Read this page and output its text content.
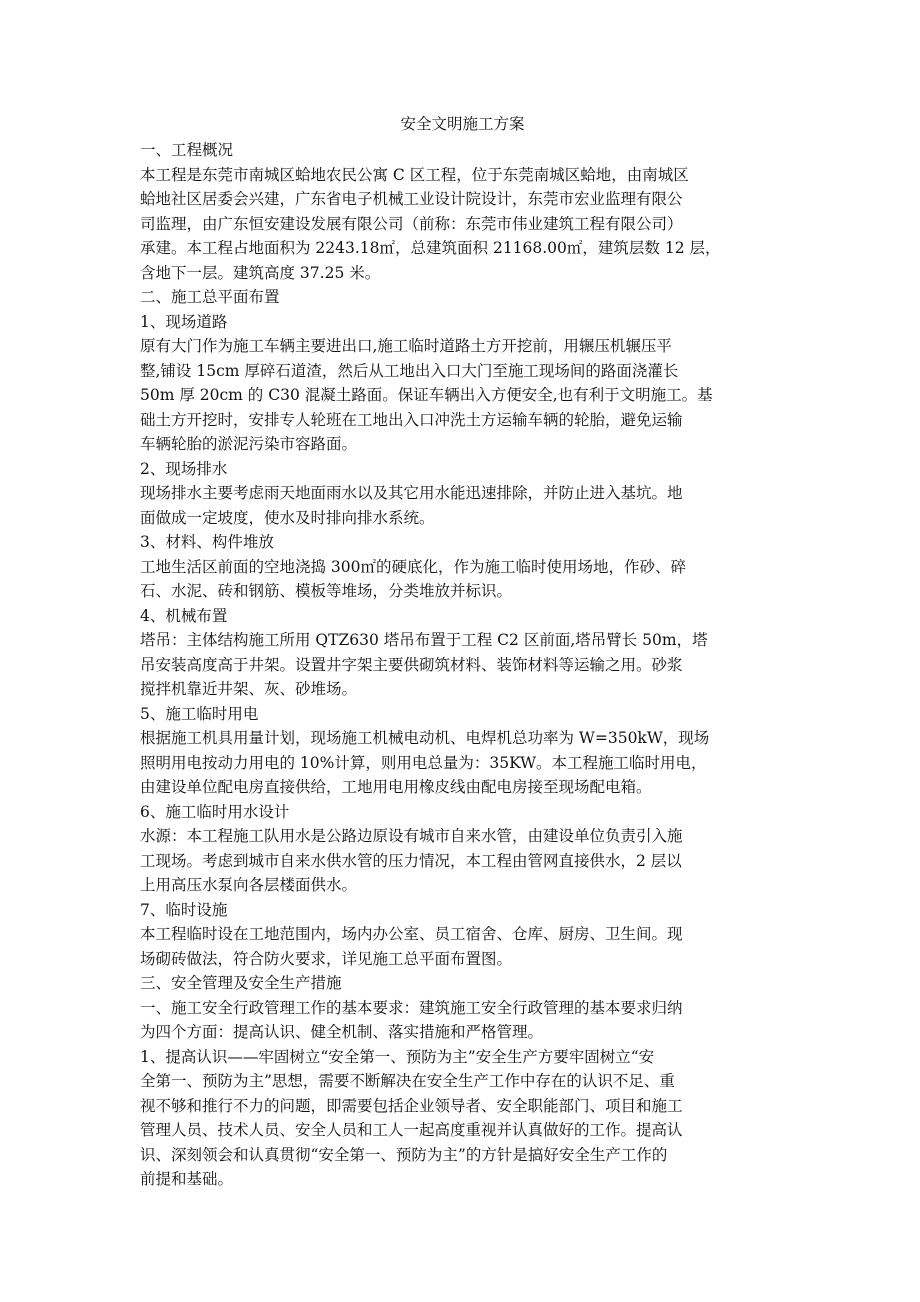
安全文明施工方案
一、工程概况
本工程是东莞市南城区蛤地农民公寓 C 区工程，位于东莞南城区蛤地，由南城区
蛤地社区居委会兴建，广东省电子机械工业设计院设计，东莞市宏业监理有限公
司监理，由广东恒安建设发展有限公司（前称：东莞市伟业建筑工程有限公司）
承建。本工程占地面积为 2243.18㎡，总建筑面积 21168.00㎡，建筑层数 12 层，
含地下一层。建筑高度 37.25 米。
二、施工总平面布置
1、现场道路
原有大门作为施工车辆主要进出口,施工临时道路土方开挖前，用辗压机辗压平
整,铺设 15cm 厚碎石道渣，然后从工地出入口大门至施工现场间的路面浇灌长
50m 厚 20cm 的 C30 混凝土路面。保证车辆出入方便安全,也有利于文明施工。基
础土方开挖时，安排专人轮班在工地出入口冲洗土方运输车辆的轮胎，避免运输
车辆轮胎的淤泥污染市容路面。
2、现场排水
现场排水主要考虑雨天地面雨水以及其它用水能迅速排除，并防止进入基坑。地
面做成一定坡度，使水及时排向排水系统。
3、材料、构件堆放
工地生活区前面的空地浇捣 300㎡的硬底化，作为施工临时使用场地，作砂、碎
石、水泥、砖和钢筋、模板等堆场，分类堆放并标识。
4、机械布置
塔吊：主体结构施工所用 QTZ630 塔吊布置于工程 C2 区前面,塔吊臂长 50m，塔
吊安装高度高于井架。设置井字架主要供砌筑材料、装饰材料等运输之用。砂浆
搅拌机靠近井架、灰、砂堆场。
5、施工临时用电
根据施工机具用量计划，现场施工机械电动机、电焊机总功率为 W=350kW，现场
照明用电按动力用电的 10%计算，则用电总量为：35KW。本工程施工临时用电，
由建设单位配电房直接供给，工地用电用橡皮线由配电房接至现场配电箱。
6、施工临时用水设计
水源：本工程施工队用水是公路边原设有城市自来水管，由建设单位负责引入施
工现场。考虑到城市自来水供水管的压力情况，本工程由管网直接供水，2 层以
上用高压水泵向各层楼面供水。
7、临时设施
本工程临时设在工地范围内，场内办公室、员工宿舍、仓库、厨房、卫生间。现
场砌砖做法，符合防火要求，详见施工总平面布置图。
三、安全管理及安全生产措施
一、施工安全行政管理工作的基本要求：建筑施工安全行政管理的基本要求归纳
为四个方面：提高认识、健全机制、落实措施和严格管理。
1、提高认识——牢固树立“安全第一、预防为主”安全生产方要牢固树立“安
全第一、预防为主”思想，需要不断解决在安全生产工作中存在的认识不足、重
视不够和推行不力的问题，即需要包括企业领导者、安全职能部门、项目和施工
管理人员、技术人员、安全人员和工人一起高度重视并认真做好的工作。提高认
识、深刻领会和认真贯彻“安全第一、预防为主”的方针是搞好安全生产工作的
前提和基础。
